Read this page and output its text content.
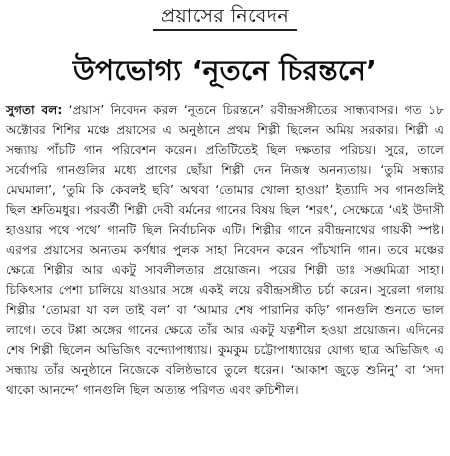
প্রয়াসের নিবেদন
উপভোগ্য ‘নূতনে চিরন্তনে’
সুগতা বল: ‘প্রয়াস’ নিবেদন করল ‘নূতনে চিরন্তনে’ রবীন্দ্রসঙ্গীতের সান্ধ্যবাসর। গত ১৮ অক্টোবর শিশির মঞ্চে প্রয়াসের এ অনুষ্ঠানে প্রথম শিল্পী ছিলেন অমিয় সরকার। শিল্পী এ সন্ধ্যায় পাঁচটি গান পরিবেশন করেন। প্রতিটিতেই ছিল দক্ষতার পরিচয়। সুরে, তালে সর্বোপরি গানগুলির মধ্যে প্রাণের ছোঁয়া শিল্পী দেন নিজস্ব অনন্যতায়। ‘তুমি সন্ধ্যার মেঘমালা’, ‘তুমি কি কেবলই ছবি’ অথবা ‘তোমার খোলা হাওয়া’ ইত্যাদি সব গানগুলিই ছিল শ্রুতিমধুর। পরবর্তী শিল্পী দেবী বর্মনের গানের বিষয় ছিল ‘শরৎ’, সেক্ষেত্রে ‘এই উদাসী হাওয়ার পথে পথে’ গানটি ছিল নির্বাচনিক এটি। শিল্পীর গানে রবীন্দ্রনাথের গায়কী স্পষ্ট। এরপর প্রয়াসের অন্যতম কর্ণধার পুলক সাহা নিবেদন করেন পাঁচখানি গান। তবে মঞ্চের ক্ষেত্রে শিল্পীর আর একটু সাবলীলতার প্রয়োজন। পরের শিল্পী ডাঃ সঙ্ঘমিত্রা সাহা। চিকিৎসার পেশা চালিয়ে যাওয়ার সঙ্গে একই লয়ে রবীন্দ্রসঙ্গীত চর্চা করেন। সুরেলা গলায় শিল্পীর ‘তোমরা যা বল তাই বল’ বা ‘আমার শেষ পারানির কড়ি’ গানগুলি শুনতে ভাল লাগে। তবে টপ্পা অঙ্গের গানের ক্ষেত্রে তাঁর আর একটু যত্নশীল হওয়া প্রয়োজন। এদিনের শেষ শিল্পী ছিলেন অভিজিৎ বন্দ্যোপাধ্যায়। কুমকুম চট্টোপাধ্যায়ের যোগ্য ছাত্র অভিজিৎ এ সন্ধ্যায় তাঁর অনুষ্ঠানে নিজেকে বলিষ্ঠভাবে তুলে ধরেন। ‘আকাশ জুড়ে শুনিনু’ বা ‘সদা থাকো আনন্দে’ গানগুলি ছিল অত্যন্ত পরিণত এবং রুচিশীল।
